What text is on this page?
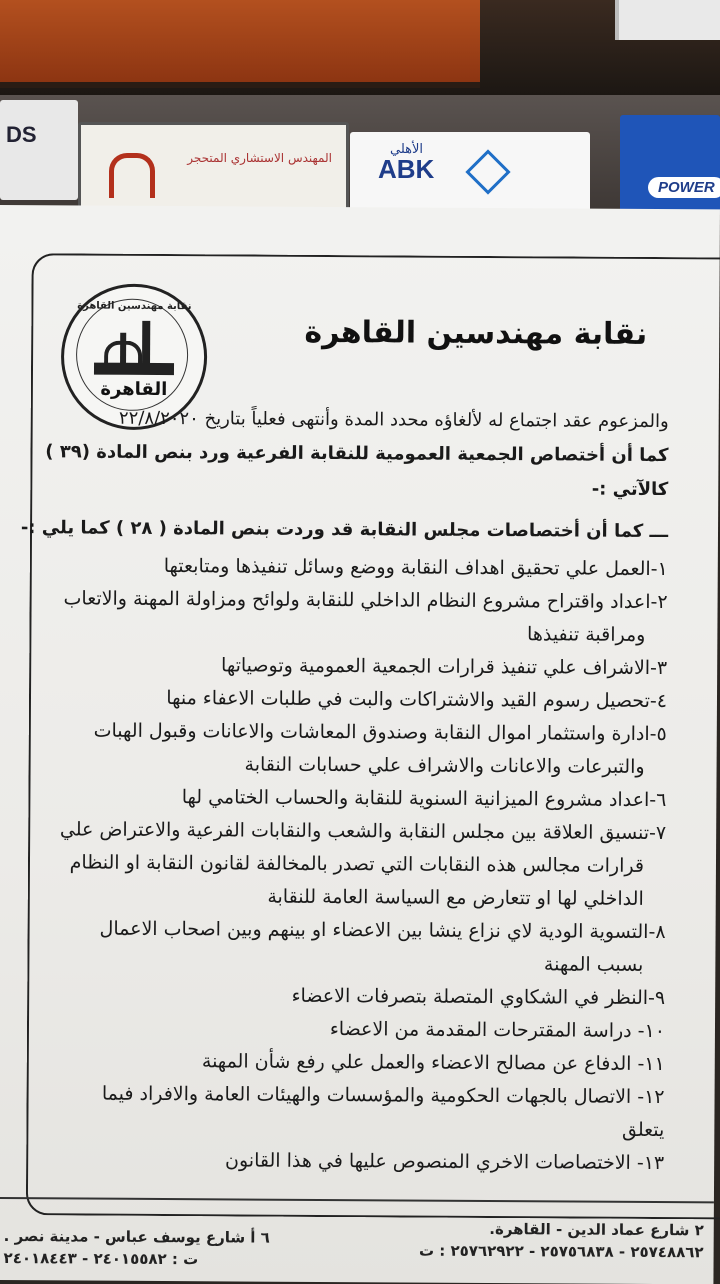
DS
المهندس الاستشاري المتحجر
الأهلي
ABK
POWER
نقابة مهندسين القاهرة
القاهرة
نقابة مهندسين القاهرة
والمزعوم عقد اجتماع له لألغاؤه محدد المدة وأنتهى فعلياً بتاريخ ٢٢/٨/٢٠٢٠
كما أن أختصاص الجمعية العمومية للنقابة الفرعية ورد بنص المادة (٣٩ )
كالآتي :-
ـــ كما أن أختصاصات مجلس النقابة قد وردت بنص المادة ( ٢٨ ) كما يلي :-
١-العمل علي تحقيق اهداف النقابة ووضع وسائل تنفيذها ومتابعتها
٢-اعداد واقتراح مشروع النظام الداخلي للنقابة ولوائح ومزاولة المهنة والاتعاب
ومراقبة تنفيذها
٣-الاشراف علي تنفيذ قرارات الجمعية العمومية وتوصياتها
٤-تحصيل رسوم القيد والاشتراكات والبت في طلبات الاعفاء منها
٥-ادارة واستثمار اموال النقابة وصندوق المعاشات والاعانات وقبول الهبات
والتبرعات والاعانات والاشراف علي حسابات النقابة
٦-اعداد مشروع الميزانية السنوية للنقابة والحساب الختامي لها
٧-تنسيق العلاقة بين مجلس النقابة والشعب والنقابات الفرعية والاعتراض علي
قرارات مجالس هذه النقابات التي تصدر بالمخالفة لقانون النقابة او النظام
الداخلي لها او تتعارض مع السياسة العامة للنقابة
٨-التسوية الودية لاي نزاع ينشا بين الاعضاء او بينهم وبين اصحاب الاعمال
بسبب المهنة
٩-النظر في الشكاوي المتصلة بتصرفات الاعضاء
١٠- دراسة المقترحات المقدمة من الاعضاء
١١- الدفاع عن مصالح الاعضاء والعمل علي رفع شأن المهنة
١٢- الاتصال بالجهات الحكومية والمؤسسات والهيئات العامة والافراد فيما يتعلق
١٣- الاختصاصات الاخري المنصوص عليها في هذا القانون
٢ شارع عماد الدين - القاهرة.
٢٥٧٤٨٨٦٢ - ٢٥٧٥٦٨٣٨ - ٢٥٧٦٢٩٢٢ : ت
٦ أ شارع يوسف عباس - مدينة نصر .
ت : ٢٤٠١٥٥٨٢ - ٢٤٠١٨٤٤٣
